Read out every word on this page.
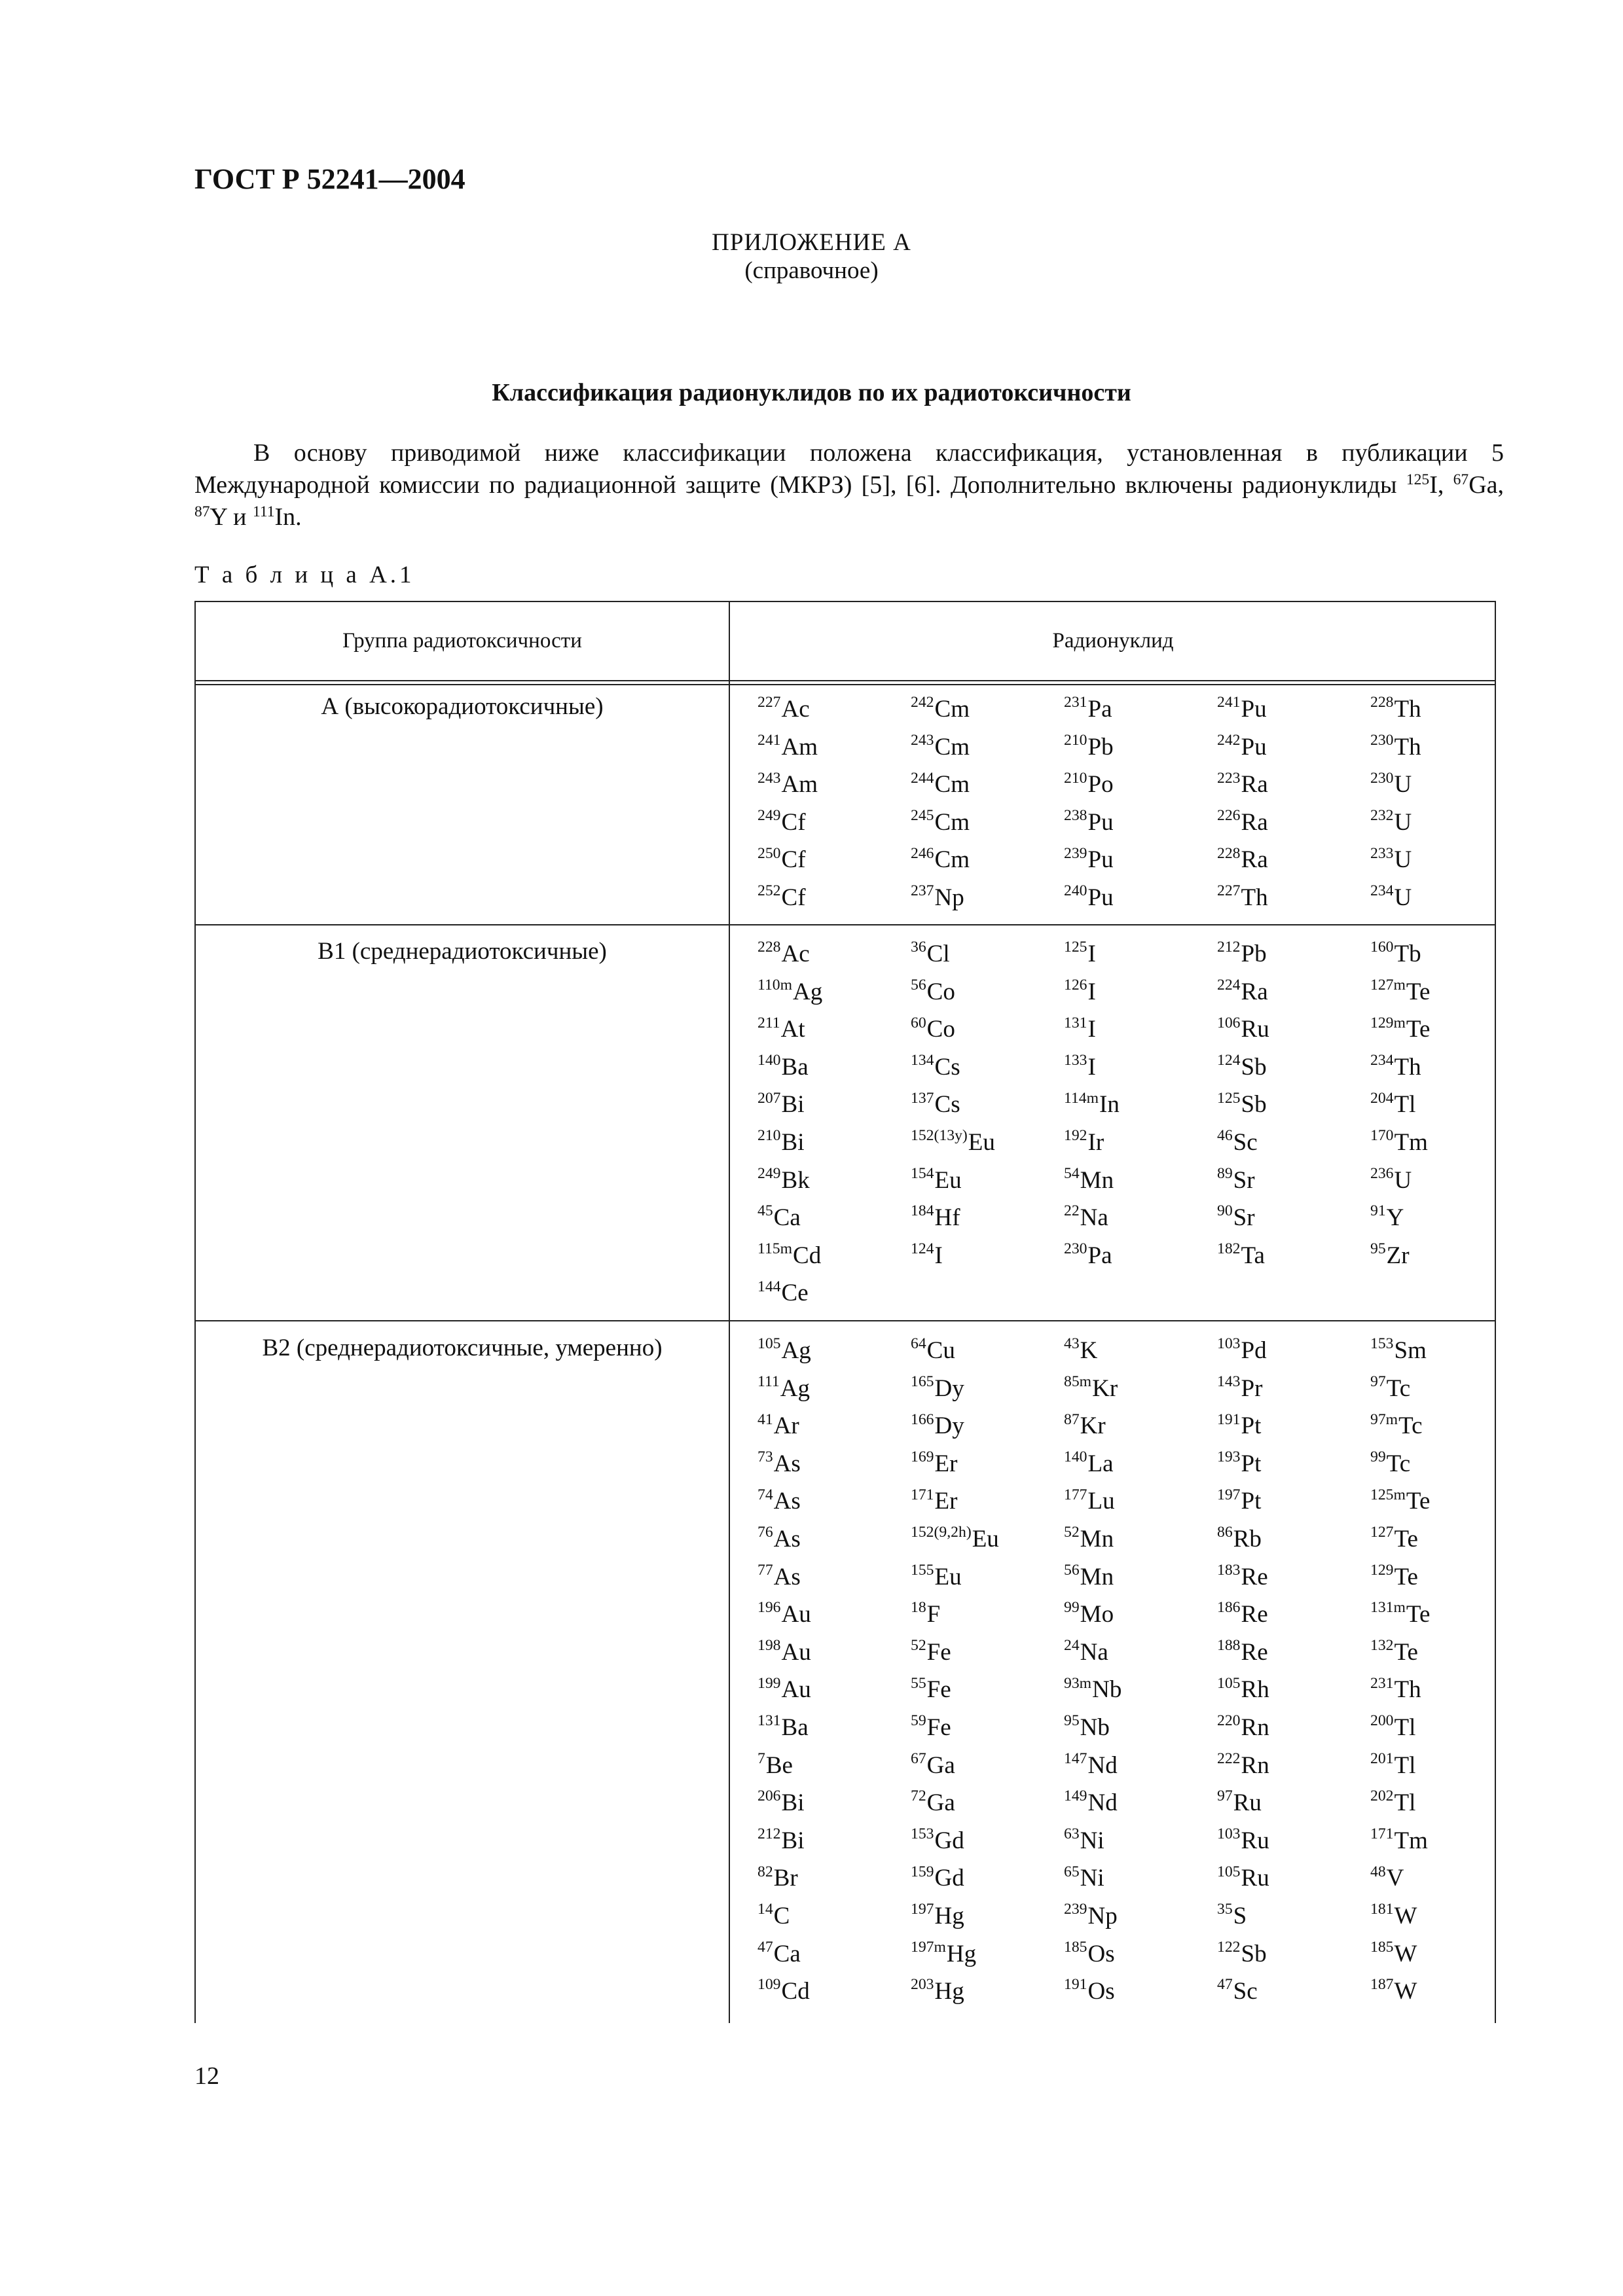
ГОСТ Р 52241—2004
ПРИЛОЖЕНИЕ А
(справочное)
Классификация радионуклидов по их радиотоксичности

В основу приводимой ниже классификации положена классификация, установленная в публикации 5 Международной комиссии по радиационной защите (МКРЗ) [5], [6]. Дополнительно включены радионуклиды $^{125}$I, $^{67}$Ga, $^{87}$Y и $^{111}$In.

Т а б л и ц а А.1
Группа радиотоксичности	Радионуклид
А (высокорадиотоксичные)	$^{227}$Ac	$^{242}$Cm	$^{231}$Pa	$^{241}$Pu	$^{228}$Th
$^{241}$Am	$^{243}$Cm	$^{210}$Pb	$^{242}$Pu	$^{230}$Th
$^{243}$Am	$^{244}$Cm	$^{210}$Po	$^{223}$Ra	$^{230}$U
$^{249}$Cf	$^{245}$Cm	$^{238}$Pu	$^{226}$Ra	$^{232}$U
$^{250}$Cf	$^{246}$Cm	$^{239}$Pu	$^{228}$Ra	$^{233}$U
$^{252}$Cf	$^{237}$Np	$^{240}$Pu	$^{227}$Th	$^{234}$U
В1 (среднерадиотоксичные)	$^{228}$Ac	$^{36}$Cl	$^{125}$I	$^{212}$Pb	$^{160}$Tb
$^{110m}$Ag	$^{56}$Co	$^{126}$I	$^{224}$Ra	$^{127m}$Te
$^{211}$At	$^{60}$Co	$^{131}$I	$^{106}$Ru	$^{129m}$Te
$^{140}$Ba	$^{134}$Cs	$^{133}$I	$^{124}$Sb	$^{234}$Th
$^{207}$Bi	$^{137}$Cs	$^{114m}$In	$^{125}$Sb	$^{204}$Tl
$^{210}$Bi	$^{152(13y)}$Eu	$^{192}$Ir	$^{46}$Sc	$^{170}$Tm
$^{249}$Bk	$^{154}$Eu	$^{54}$Mn	$^{89}$Sr	$^{236}$U
$^{45}$Ca	$^{184}$Hf	$^{22}$Na	$^{90}$Sr	$^{91}$Y
$^{115m}$Cd	$^{124}$I	$^{230}$Pa	$^{182}$Ta	$^{95}$Zr
$^{144}$Ce
В2 (среднерадиотоксичные, умеренно)	$^{105}$Ag	$^{64}$Cu	$^{43}$K	$^{103}$Pd	$^{153}$Sm
$^{111}$Ag	$^{165}$Dy	$^{85m}$Kr	$^{143}$Pr	$^{97}$Tc
$^{41}$Ar	$^{166}$Dy	$^{87}$Kr	$^{191}$Pt	$^{97m}$Tc
$^{73}$As	$^{169}$Er	$^{140}$La	$^{193}$Pt	$^{99}$Tc
$^{74}$As	$^{171}$Er	$^{177}$Lu	$^{197}$Pt	$^{125m}$Te
$^{76}$As	$^{152(9,2h)}$Eu	$^{52}$Mn	$^{86}$Rb	$^{127}$Te
$^{77}$As	$^{155}$Eu	$^{56}$Mn	$^{183}$Re	$^{129}$Te
$^{196}$Au	$^{18}$F	$^{99}$Mo	$^{186}$Re	$^{131m}$Te
$^{198}$Au	$^{52}$Fe	$^{24}$Na	$^{188}$Re	$^{132}$Te
$^{199}$Au	$^{55}$Fe	$^{93m}$Nb	$^{105}$Rh	$^{231}$Th
$^{131}$Ba	$^{59}$Fe	$^{95}$Nb	$^{220}$Rn	$^{200}$Tl
$^7$Be	$^{67}$Ga	$^{147}$Nd	$^{222}$Rn	$^{201}$Tl
$^{206}$Bi	$^{72}$Ga	$^{149}$Nd	$^{97}$Ru	$^{202}$Tl
$^{212}$Bi	$^{153}$Gd	$^{63}$Ni	$^{103}$Ru	$^{171}$Tm
$^{82}$Br	$^{159}$Gd	$^{65}$Ni	$^{105}$Ru	$^{48}$V
$^{14}$C	$^{197}$Hg	$^{239}$Np	$^{35}$S	$^{181}$W
$^{47}$Ca	$^{197m}$Hg	$^{185}$Os	$^{122}$Sb	$^{185}$W
$^{109}$Cd	$^{203}$Hg	$^{191}$Os	$^{47}$Sc	$^{187}$W
12
